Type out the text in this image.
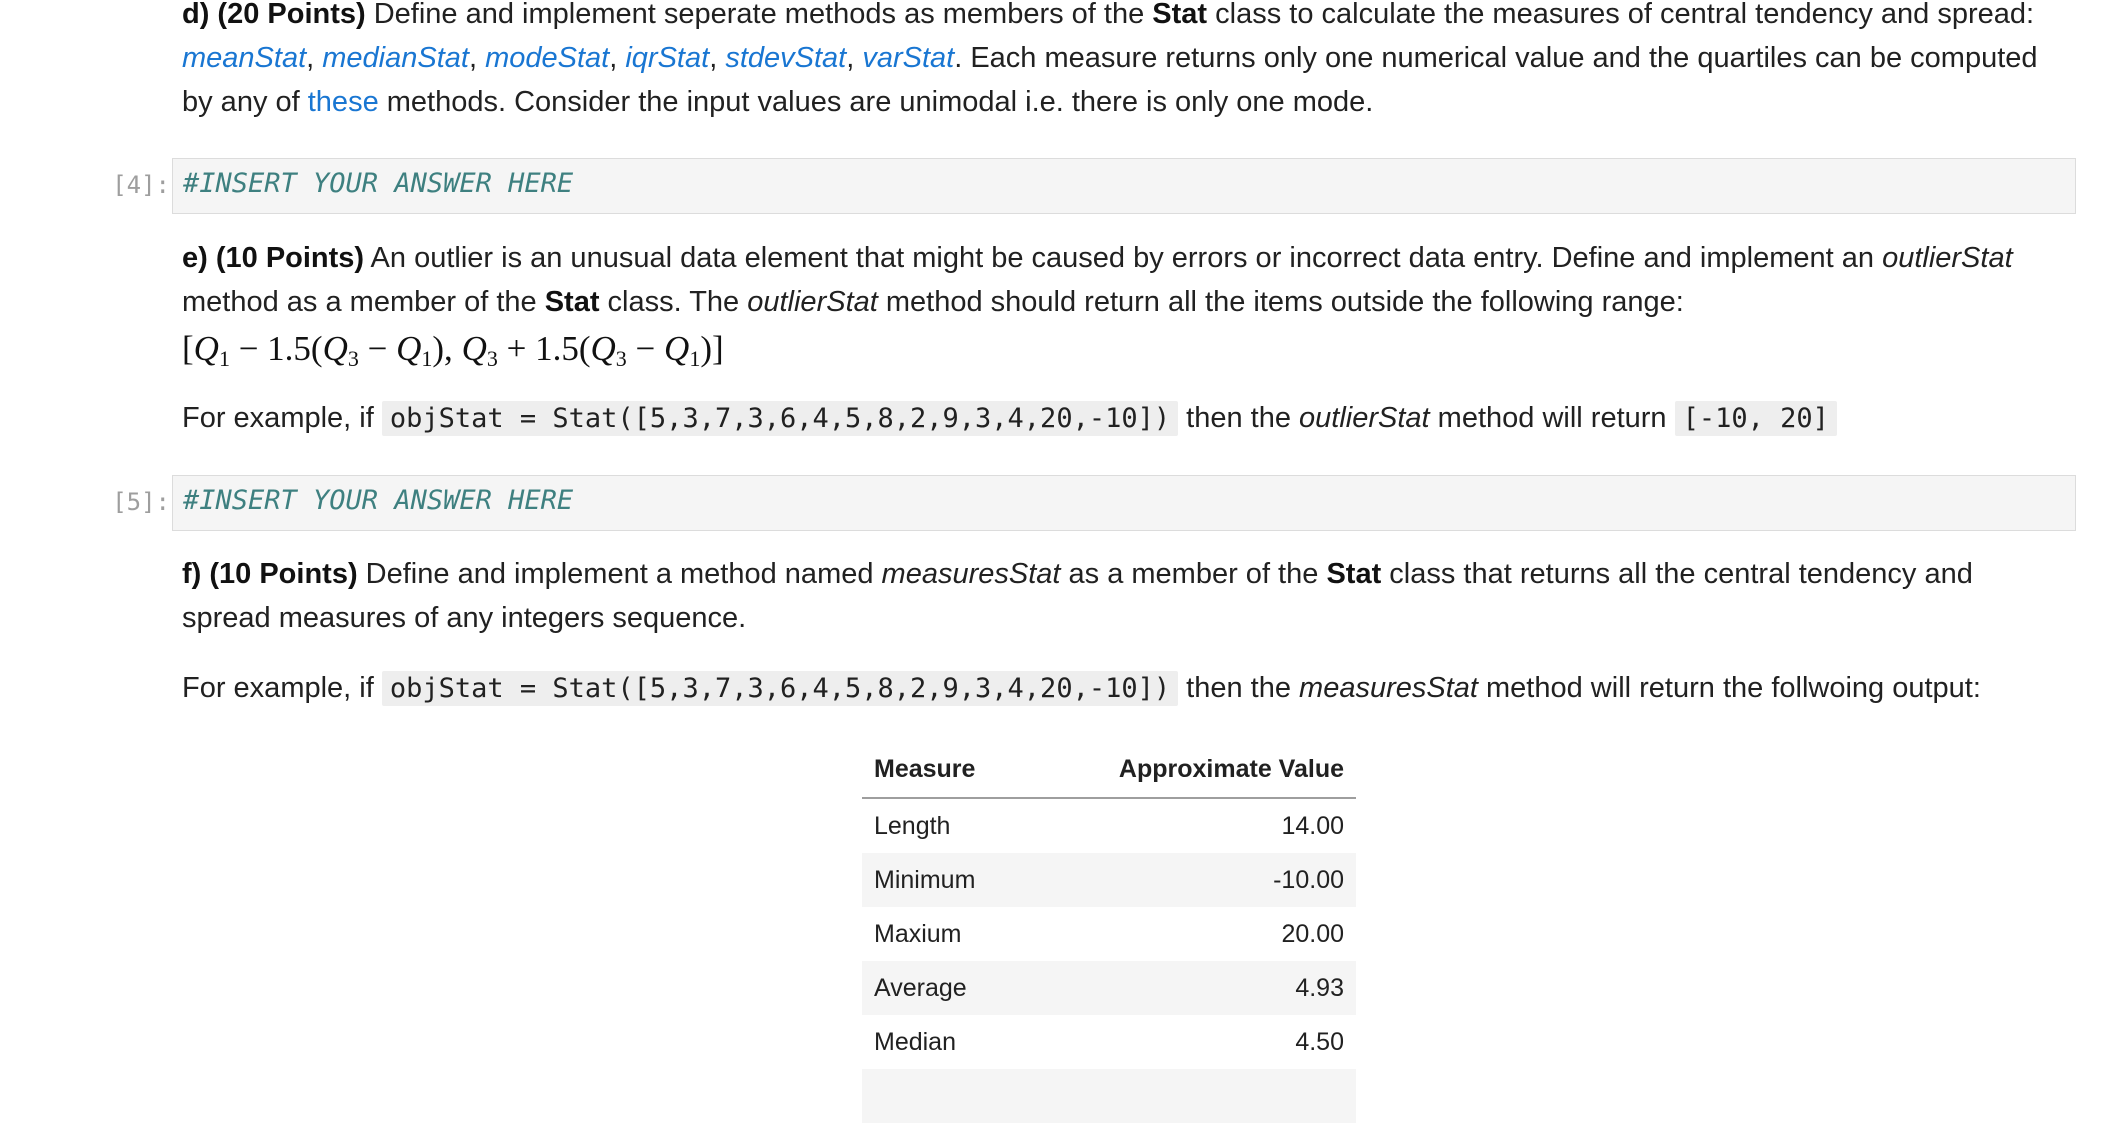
d) (20 Points) Define and implement seperate methods as members of the Stat class to calculate the measures of central tendency and spread: meanStat, medianStat, modeStat, iqrStat, stdevStat, varStat. Each measure returns only one numerical value and the quartiles can be computed by any of these methods. Consider the input values are unimodal i.e. there is only one mode.

[4]: #INSERT YOUR ANSWER HERE

e) (10 Points) An outlier is an unusual data element that might be caused by errors or incorrect data entry. Define and implement an outlierStat method as a member of the Stat class. The outlierStat method should return all the items outside the following range:

[$Q_1 - 1.5(Q_3 - Q_1)$, $Q_3 + 1.5(Q_3 - Q_1)$]

For example, if objStat = Stat([5,3,7,3,6,4,5,8,2,9,3,4,20,-10]) then the outlierStat method will return [-10, 20]

[5]: #INSERT YOUR ANSWER HERE

f) (10 Points) Define and implement a method named measuresStat as a member of the Stat class that returns all the central tendency and spread measures of any integers sequence.

For example, if objStat = Stat([5,3,7,3,6,4,5,8,2,9,3,4,20,-10]) then the measuresStat method will return the follwoing output:

Measure	Approximate Value
Length	14.00
Minimum	-10.00
Maxium	20.00
Average	4.93
Median	4.50
